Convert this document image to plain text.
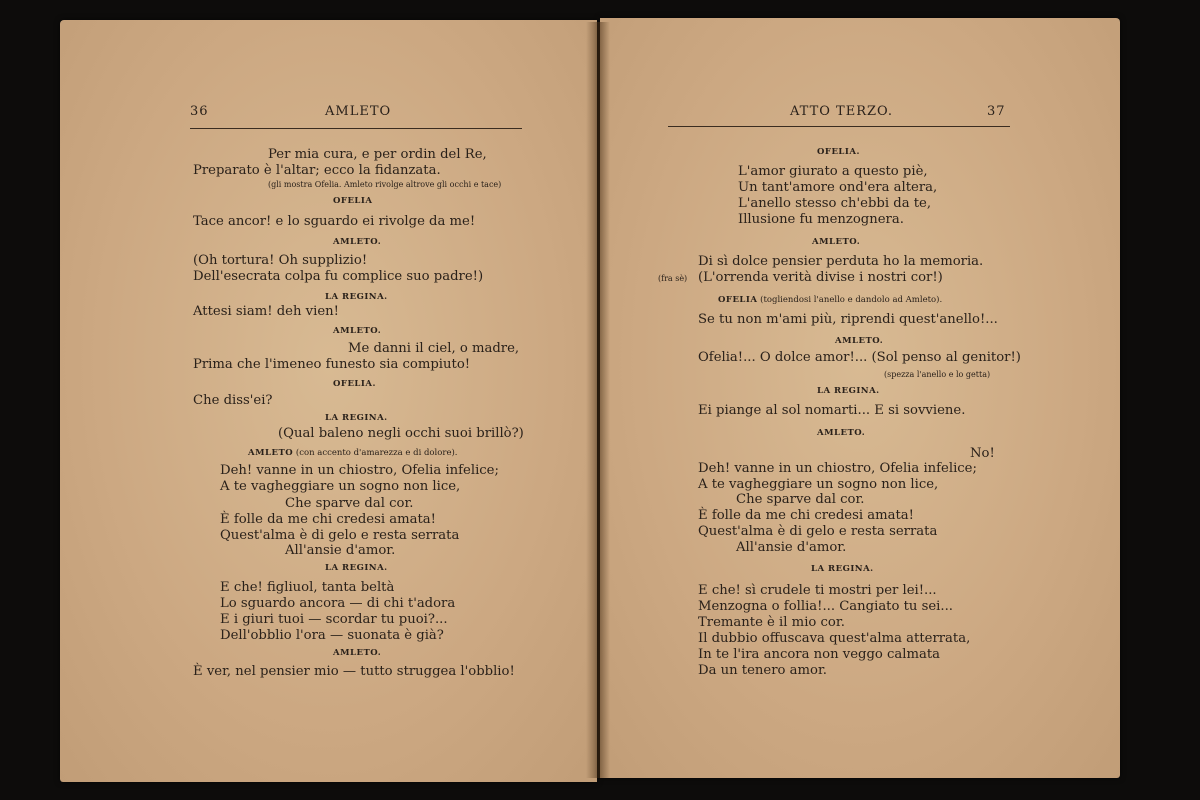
36	AMLETO
Per mia cura, e per ordin del Re,
Preparato è l'altar; ecco la fidanzata.
(gli mostra Ofelia. Amleto rivolge altrove gli occhi e tace)
OFELIA
Tace ancor! e lo sguardo ei rivolge da me!
AMLETO.
(Oh tortura! Oh supplizio!
Dell'esecrata colpa fu complice suo padre!)
LA REGINA.
Attesi siam! deh vien!
AMLETO.
Me danni il ciel, o madre,
Prima che l'imeneo funesto sia compiuto!
OFELIA.
Che diss'ei?
LA REGINA.
(Qual baleno negli occhi suoi brillò?)
AMLETO (con accento d'amarezza e di dolore).
Deh! vanne in un chiostro, Ofelia infelice;
A te vagheggiare un sogno non lice,
Che sparve dal cor.
È folle da me chi credesi amata!
Quest'alma è di gelo e resta serrata
All'ansie d'amor.
LA REGINA.
E che! figliuol, tanta beltà
Lo sguardo ancora — di chi t'adora
E i giuri tuoi — scordar tu puoi?...
Dell'obblio l'ora — suonata è già?
AMLETO.
È ver, nel pensier mio — tutto struggea l'obblio!
ATTO TERZO.	37
OFELIA.
L'amor giurato a questo piè,
Un tant'amore ond'era altera,
L'anello stesso ch'ebbi da te,
Illusione fu menzognera.
AMLETO.
Di sì dolce pensier perduta ho la memoria.
(fra sè) (L'orrenda verità divise i nostri cor!)
OFELIA (togliendosi l'anello e dandolo ad Amleto).
Se tu non m'ami più, riprendi quest'anello!...
AMLETO.
Ofelia!... O dolce amor!... (Sol penso al genitor!)
(spezza l'anello e lo getta)
LA REGINA.
Ei piange al sol nomarti... E si sovviene.
AMLETO.
No!
Deh! vanne in un chiostro, Ofelia infelice;
A te vagheggiare un sogno non lice,
Che sparve dal cor.
È folle da me chi credesi amata!
Quest'alma è di gelo e resta serrata
All'ansie d'amor.
LA REGINA.
E che! sì crudele ti mostri per lei!...
Menzogna o follia!... Cangiato tu sei...
Tremante è il mio cor.
Il dubbio offuscava quest'alma atterrata,
In te l'ira ancora non veggo calmata
Da un tenero amor.
